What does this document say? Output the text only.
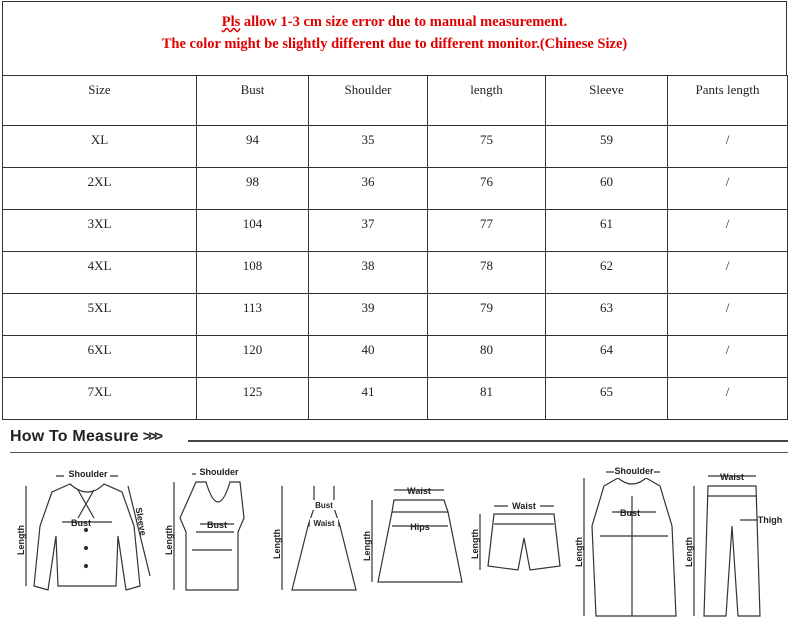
Pls allow 1-3 cm size error due to manual measurement.
The color might be slightly different due to different monitor.(Chinese Size)
Size	Bust	Shoulder	length	Sleeve	Pants length
XL	94	35	75	59	/
2XL	98	36	76	60	/
3XL	104	37	77	61	/
4XL	108	38	78	62	/
5XL	113	39	79	63	/
6XL	120	40	80	64	/
7XL	125	41	81	65	/
How To Measure >>>
Shoulder
Bust
Length
Sleeve
Shoulder
Bust
Length
Bust
Waist
Length
Waist
Hips
Length
Waist
Length
Shoulder
Bust
Length
Waist
Thigh
Length
